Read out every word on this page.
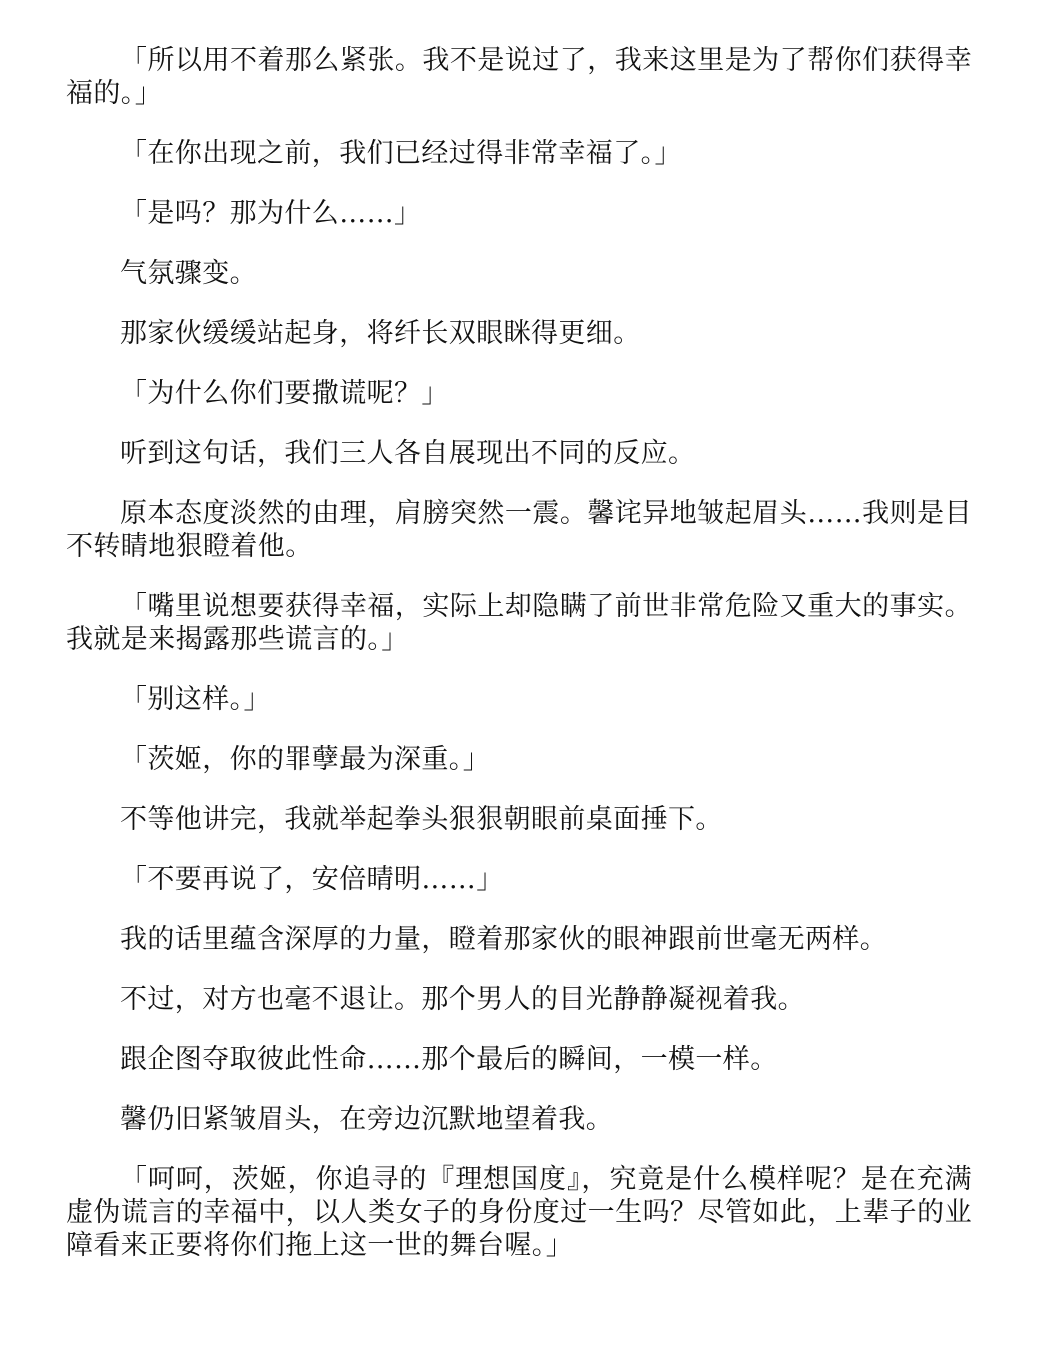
「所以用不着那么紧张。我不是说过了，我来这里是为了帮你们获得幸福的。」

「在你出现之前，我们已经过得非常幸福了。」

「是吗？那为什么……」

气氛骤变。

那家伙缓缓站起身，将纤长双眼眯得更细。

「为什么你们要撒谎呢？」

听到这句话，我们三人各自展现出不同的反应。

原本态度淡然的由理，肩膀突然一震。馨诧异地皱起眉头……我则是目不转睛地狠瞪着他。

「嘴里说想要获得幸福，实际上却隐瞒了前世非常危险又重大的事实。我就是来揭露那些谎言的。」

「别这样。」

「茨姬，你的罪孽最为深重。」

不等他讲完，我就举起拳头狠狠朝眼前桌面捶下。

「不要再说了，安倍晴明……」

我的话里蕴含深厚的力量，瞪着那家伙的眼神跟前世毫无两样。

不过，对方也毫不退让。那个男人的目光静静凝视着我。

跟企图夺取彼此性命……那个最后的瞬间，一模一样。

馨仍旧紧皱眉头，在旁边沉默地望着我。

「呵呵，茨姬，你追寻的『理想国度』，究竟是什么模样呢？是在充满虚伪谎言的幸福中，以人类女子的身份度过一生吗？尽管如此，上辈子的业障看来正要将你们拖上这一世的舞台喔。」
